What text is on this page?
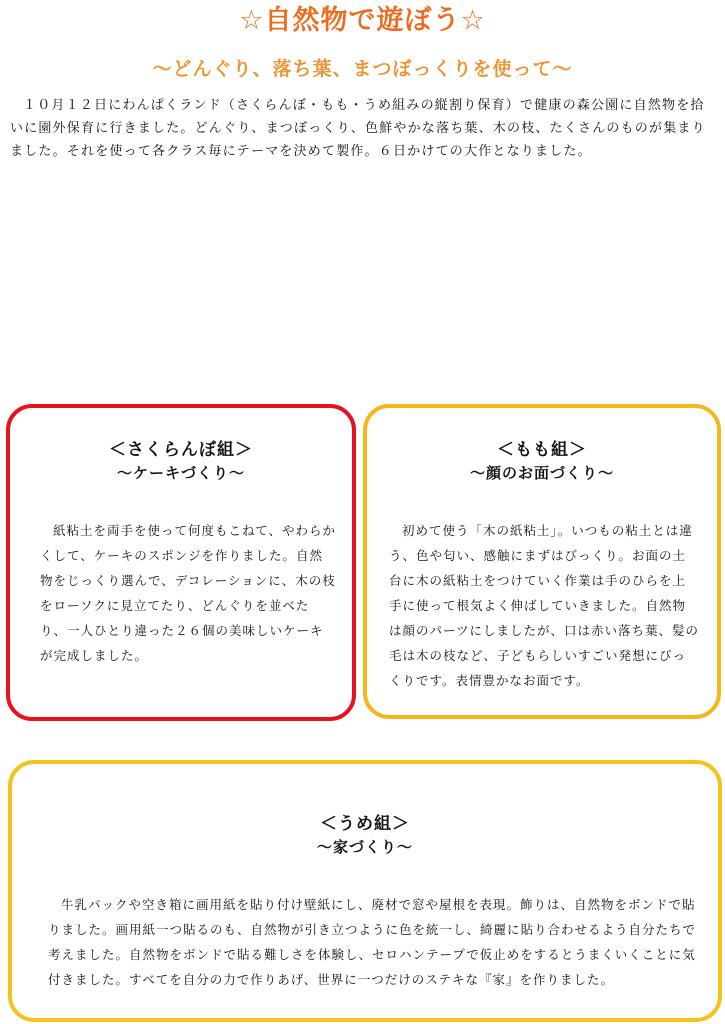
☆自然物で遊ぼう☆
～どんぐり、落ち葉、まつぼっくりを使って～

１０月１２日にわんぱくランド（さくらんぼ・もも・うめ組みの縦割り保育）で健康の森公園に自然物を拾いに園外保育に行きました。どんぐり、まつぼっくり、色鮮やかな落ち葉、木の枝、たくさんのものが集まりました。それを使って各クラス毎にテーマを決めて製作。６日かけての大作となりました。

＜さくらんぼ組＞

～ケーキづくり～

紙粘土を両手を使って何度もこねて、やわらかくして、ケーキのスポンジを作りました。自然物をじっくり選んで、デコレーションに、木の枝をローソクに見立てたり、どんぐりを並べたり、一人ひとり違った２６個の美味しいケーキが完成しました。

＜もも組＞

～顔のお面づくり～

初めて使う「木の紙粘土」。いつもの粘土とは違う、色や匂い、感触にまずはびっくり。お面の土台に木の紙粘土をつけていく作業は手のひらを上手に使って根気よく伸ばしていきました。自然物は顔のパーツにしましたが、口は赤い落ち葉、髪の毛は木の枝など、子どもらしいすごい発想にびっくりです。表情豊かなお面です。

＜うめ組＞

～家づくり～

牛乳パックや空き箱に画用紙を貼り付け壁紙にし、廃材で窓や屋根を表現。飾りは、自然物をボンドで貼りました。画用紙一つ貼るのも、自然物が引き立つように色を統一し、綺麗に貼り合わせるよう自分たちで考えました。自然物をボンドで貼る難しさを体験し、セロハンテープで仮止めをするとうまくいくことに気付きました。すべてを自分の力で作りあげ、世界に一つだけのステキな『家』を作りました。
